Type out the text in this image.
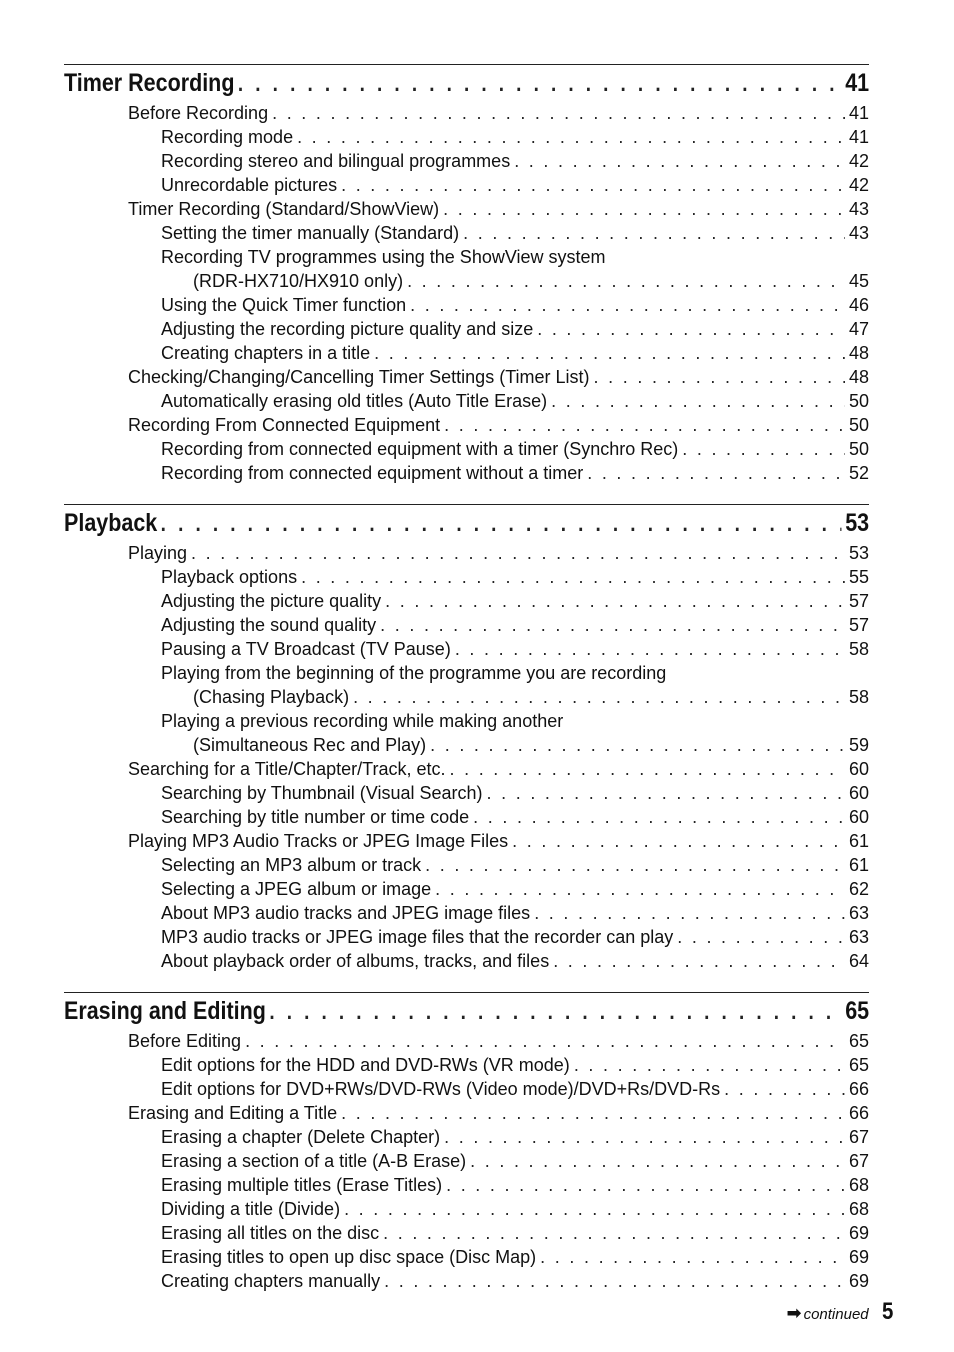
Timer Recording . . .	41
Before Recording . . .	41
Recording mode . . .	41
Recording stereo and bilingual programmes . . .	42
Unrecordable pictures . . .	42
Timer Recording (Standard/ShowView) . . .	43
Setting the timer manually (Standard) . . .	43
Recording TV programmes using the ShowView system
(RDR-HX710/HX910 only) . . .	45
Using the Quick Timer function . . .	46
Adjusting the recording picture quality and size . . .	47
Creating chapters in a title . . .	48
Checking/Changing/Cancelling Timer Settings (Timer List) . . .	48
Automatically erasing old titles (Auto Title Erase) . . .	50
Recording From Connected Equipment . . .	50
Recording from connected equipment with a timer (Synchro Rec) . . .	50
Recording from connected equipment without a timer . . .	52
Playback . . .	53
Playing . . .	53
Playback options . . .	55
Adjusting the picture quality . . .	57
Adjusting the sound quality . . .	57
Pausing a TV Broadcast (TV Pause) . . .	58
Playing from the beginning of the programme you are recording
(Chasing Playback) . . .	58
Playing a previous recording while making another
(Simultaneous Rec and Play) . . .	59
Searching for a Title/Chapter/Track, etc. . . .	60
Searching by Thumbnail (Visual Search) . . .	60
Searching by title number or time code . . .	60
Playing MP3 Audio Tracks or JPEG Image Files . . .	61
Selecting an MP3 album or track . . .	61
Selecting a JPEG album or image . . .	62
About MP3 audio tracks and JPEG image files . . .	63
MP3 audio tracks or JPEG image files that the recorder can play . . .	63
About playback order of albums, tracks, and files . . .	64
Erasing and Editing . . .	65
Before Editing . . .	65
Edit options for the HDD and DVD-RWs (VR mode) . . .	65
Edit options for DVD+RWs/DVD-RWs (Video mode)/DVD+Rs/DVD-Rs . . .	66
Erasing and Editing a Title . . .	66
Erasing a chapter (Delete Chapter) . . .	67
Erasing a section of a title (A-B Erase) . . .	67
Erasing multiple titles (Erase Titles) . . .	68
Dividing a title (Divide) . . .	68
Erasing all titles on the disc . . .	69
Erasing titles to open up disc space (Disc Map) . . .	69
Creating chapters manually . . .	69
➡ continued 5
